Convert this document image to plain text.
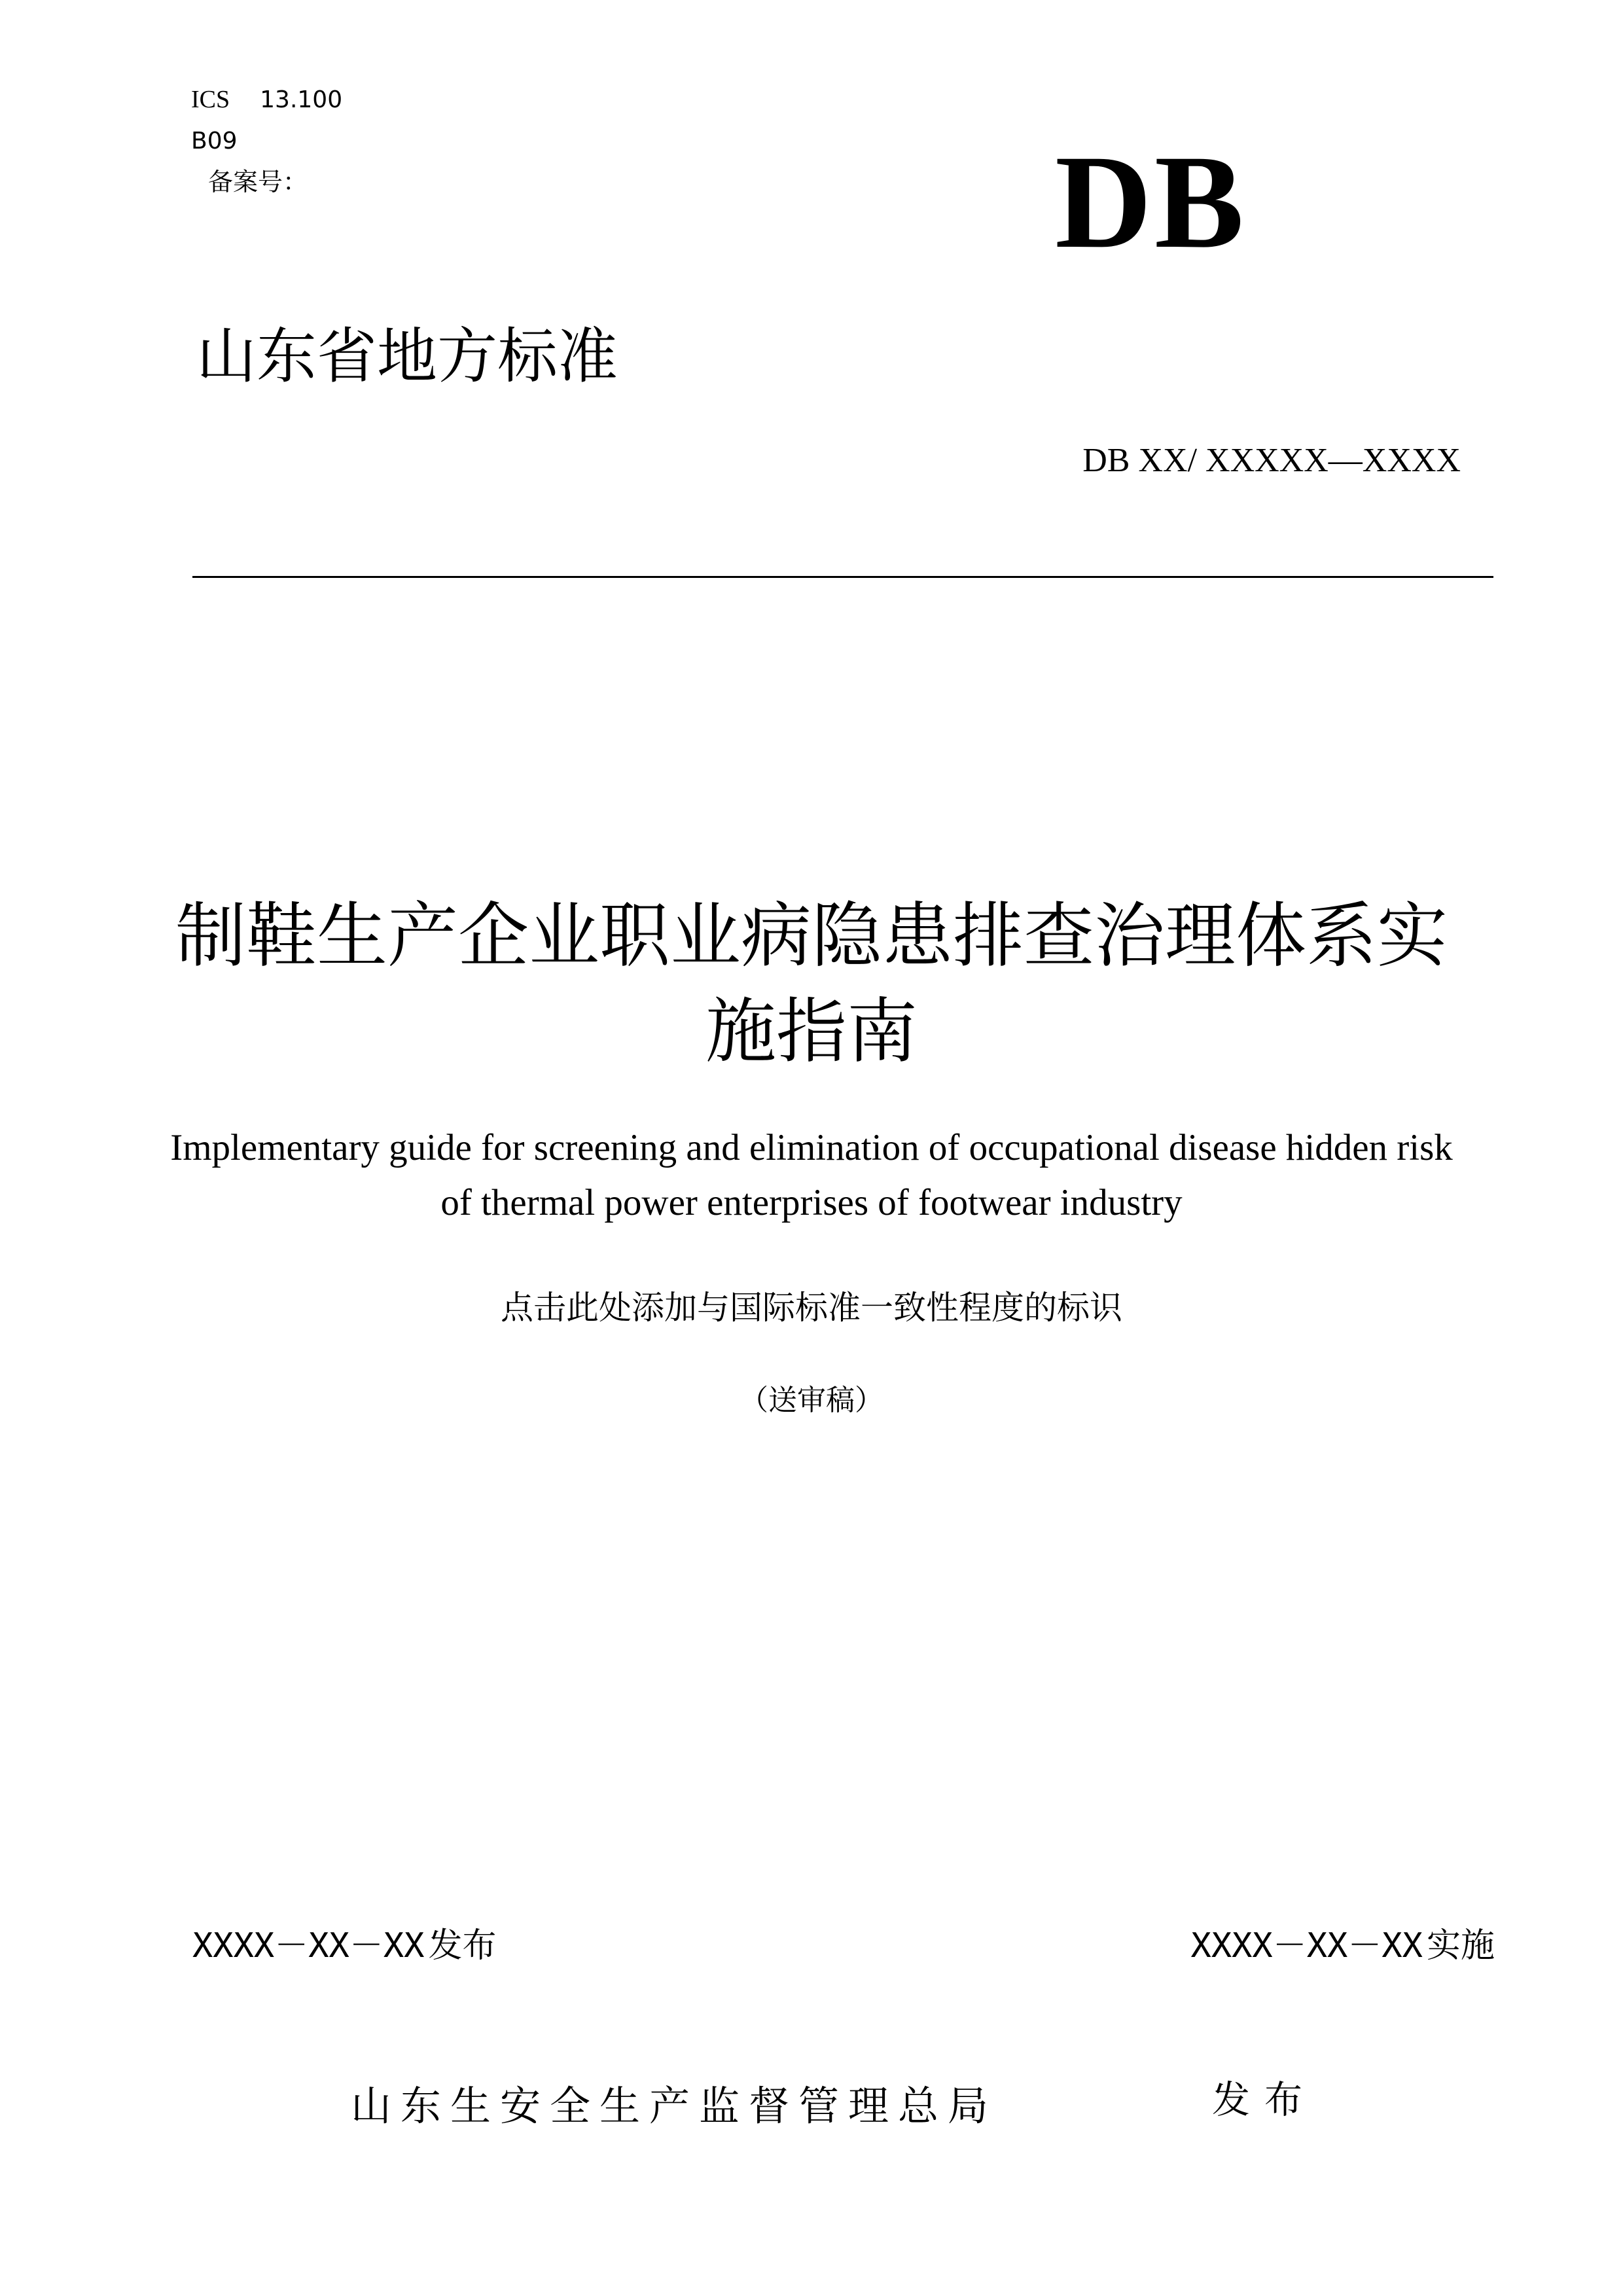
ICS 13.100
B09
备案号：	DB
山东省地方标准
DB XX/ XXXXX—XXXX
制鞋生产企业职业病隐患排查治理体系实
施指南
Implementary guide for screening and elimination of occupational disease hidden risk
of thermal power enterprises of footwear industry
点击此处添加与国际标准一致性程度的标识
（送审稿）
XXXX－XX－XX 发布	XXXX－XX－XX 实施
山东生安全生产监督管理总局	发布
